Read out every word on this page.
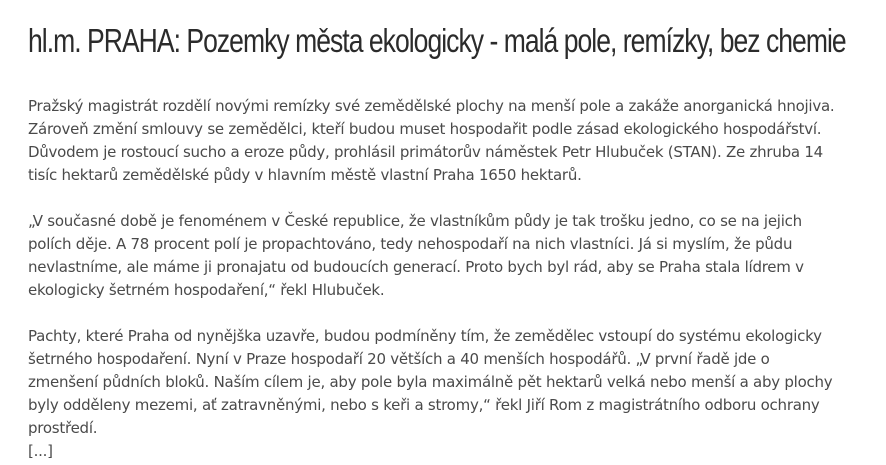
hl.m. PRAHA: Pozemky města ekologicky - malá pole, remízky, bez chemie

Pražský magistrát rozdělí novými remízky své zemědělské plochy na menší pole a zakáže anorganická hnojiva.
Zároveň změní smlouvy se zemědělci, kteří budou muset hospodařit podle zásad ekologického hospodářství.
Důvodem je rostoucí sucho a eroze půdy, prohlásil primátorův náměstek Petr Hlubuček (STAN). Ze zhruba 14
tisíc hektarů zemědělské půdy v hlavním městě vlastní Praha 1650 hektarů.

„V současné době je fenoménem v České republice, že vlastníkům půdy je tak trošku jedno, co se na jejich
polích děje. A 78 procent polí je propachtováno, tedy nehospodaří na nich vlastníci. Já si myslím, že půdu
nevlastníme, ale máme ji pronajatu od budoucích generací. Proto bych byl rád, aby se Praha stala lídrem v
ekologicky šetrném hospodaření,“ řekl Hlubuček.

Pachty, které Praha od nynějška uzavře, budou podmíněny tím, že zemědělec vstoupí do systému ekologicky
šetrného hospodaření. Nyní v Praze hospodaří 20 větších a 40 menších hospodářů. „V první řadě jde o
zmenšení půdních bloků. Naším cílem je, aby pole byla maximálně pět hektarů velká nebo menší a aby plochy
byly odděleny mezemi, ať zatravněnými, nebo s keři a stromy,“ řekl Jiří Rom z magistrátního odboru ochrany
prostředí.

[...]
